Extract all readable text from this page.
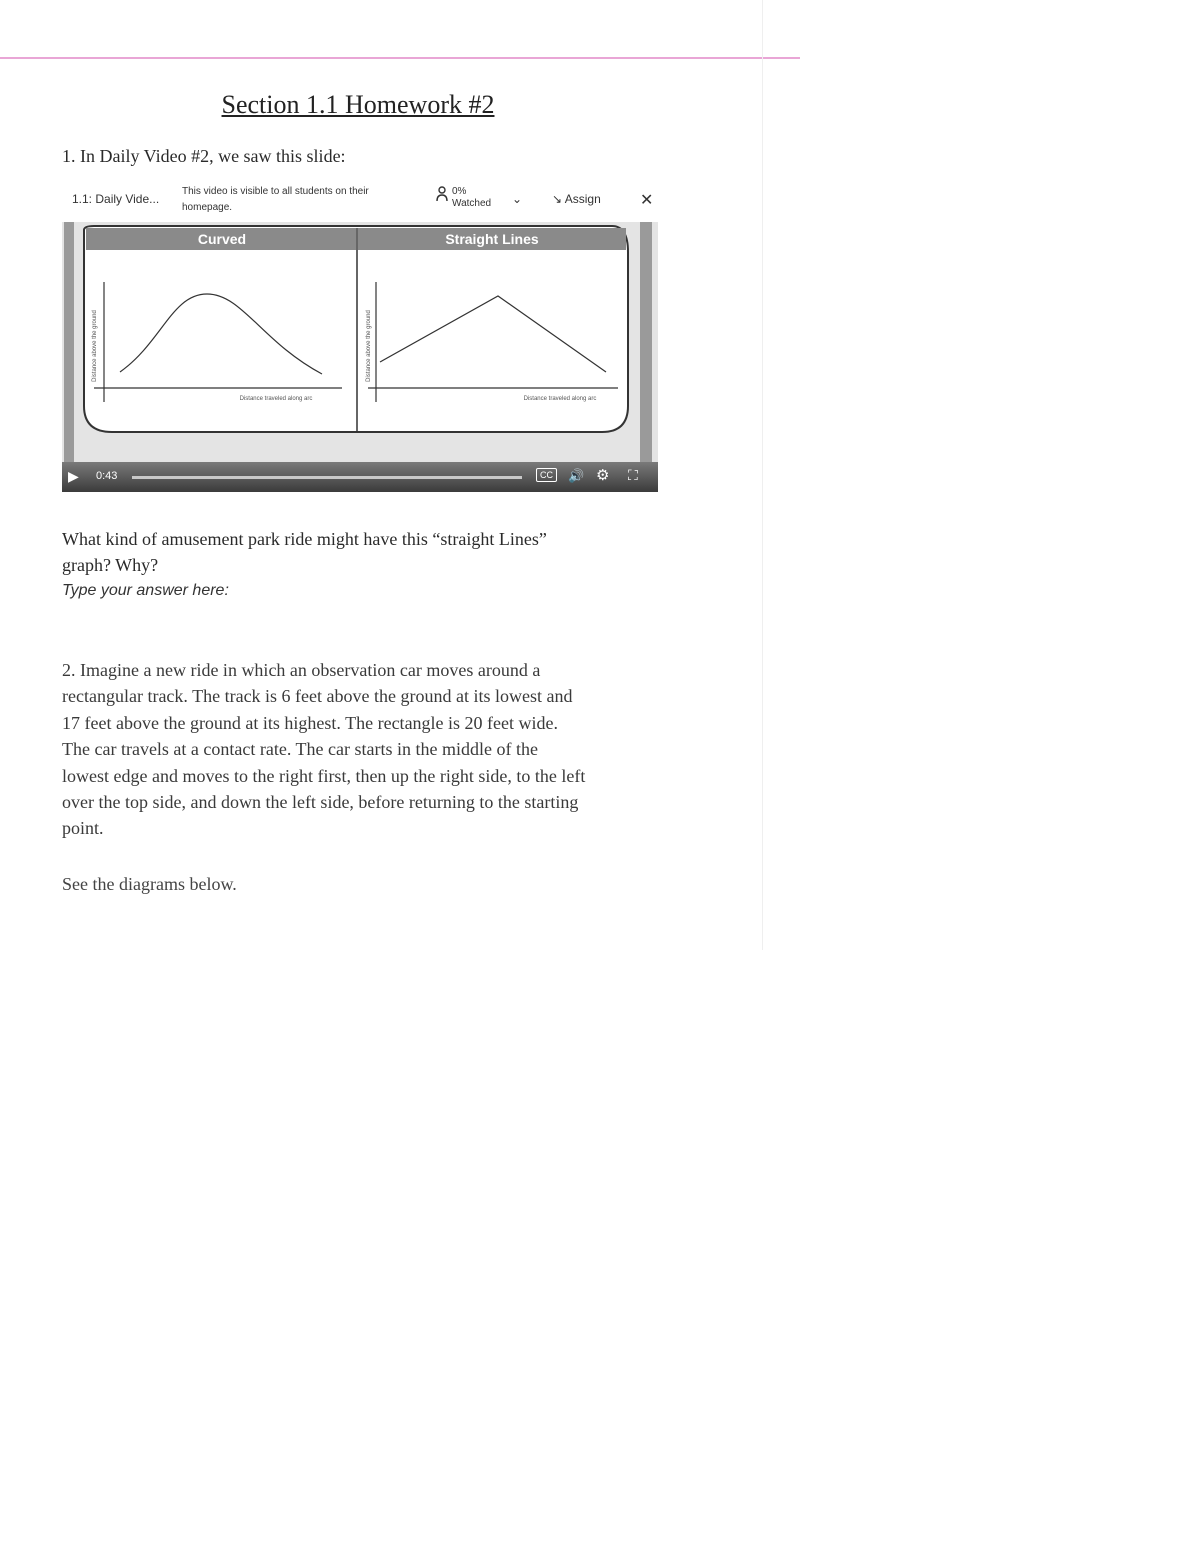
Section 1.1 Homework #2
1. In Daily Video #2, we saw this slide:
1.1: Daily Vide...
This video is visible to all students on their homepage.
0%
Watched ⌄ ↘ Assign ✕
Curved	Straight Lines
Distance above the ground
Distance traveled along arc
Distance above the ground
Distance traveled along arc
▶ 0:43	CC	🔊 ⚙ ⛶
What kind of amusement park ride might have this “straight Lines”
graph? Why?
Type your answer here:
2. Imagine a new ride in which an observation car moves around a
rectangular track. The track is 6 feet above the ground at its lowest and
17 feet above the ground at its highest. The rectangle is 20 feet wide.
The car travels at a contact rate. The car starts in the middle of the
lowest edge and moves to the right first, then up the right side, to the left
over the top side, and down the left side, before returning to the starting
point.
See the diagrams below.
